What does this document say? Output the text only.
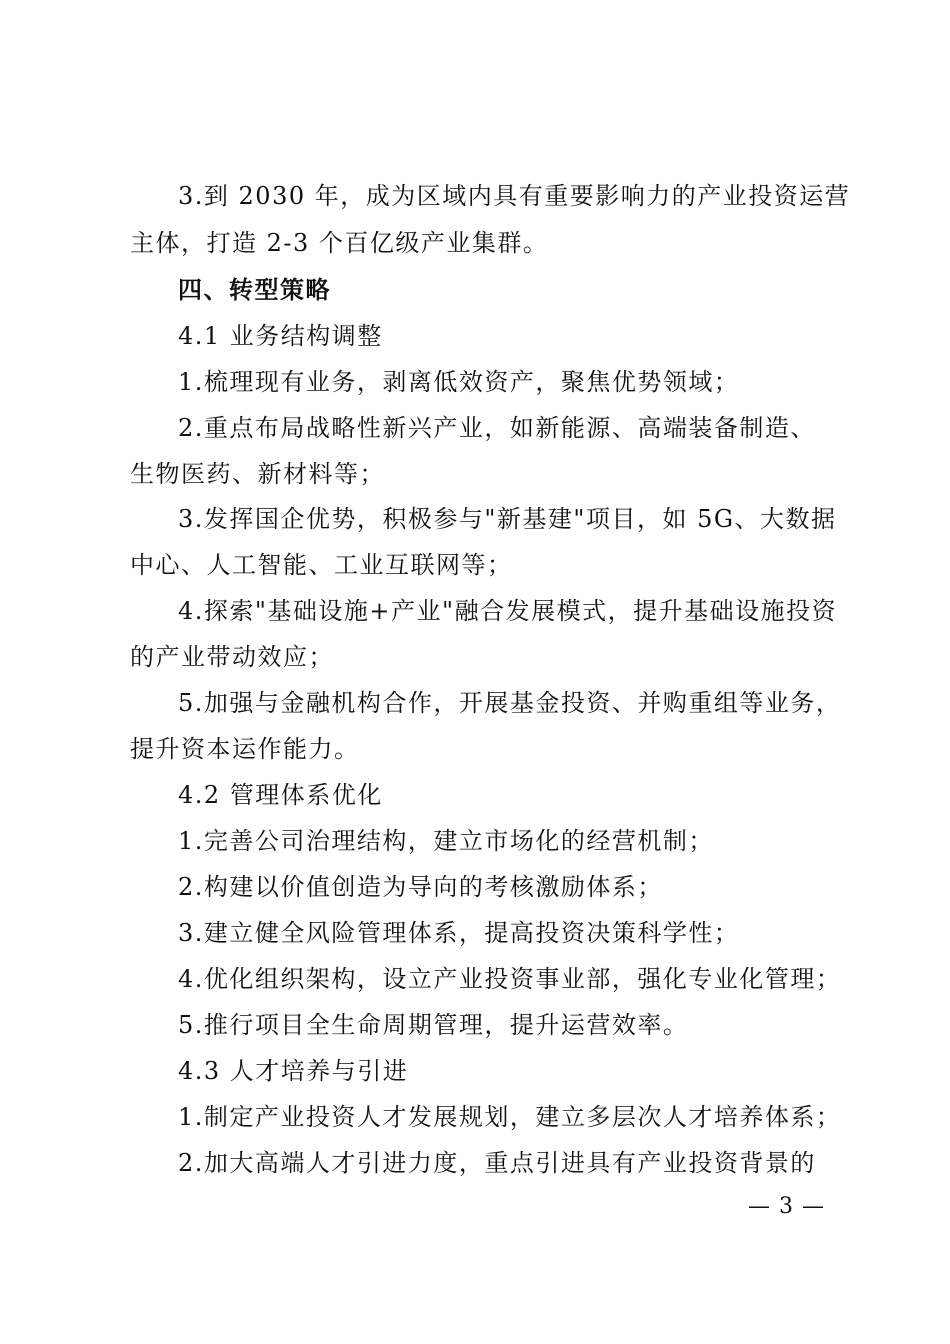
3.到 2030 年，成为区域内具有重要影响力的产业投资运营
主体，打造 2-3 个百亿级产业集群。
四、转型策略
4.1 业务结构调整
1.梳理现有业务，剥离低效资产，聚焦优势领域；
2.重点布局战略性新兴产业，如新能源、高端装备制造、
生物医药、新材料等；
3.发挥国企优势，积极参与"新基建"项目，如 5G、大数据
中心、人工智能、工业互联网等；
4.探索"基础设施+产业"融合发展模式，提升基础设施投资
的产业带动效应；
5.加强与金融机构合作，开展基金投资、并购重组等业务，
提升资本运作能力。
4.2 管理体系优化
1.完善公司治理结构，建立市场化的经营机制；
2.构建以价值创造为导向的考核激励体系；
3.建立健全风险管理体系，提高投资决策科学性；
4.优化组织架构，设立产业投资事业部，强化专业化管理；
5.推行项目全生命周期管理，提升运营效率。
4.3 人才培养与引进
1.制定产业投资人才发展规划，建立多层次人才培养体系；
2.加大高端人才引进力度，重点引进具有产业投资背景的
— 3 —
